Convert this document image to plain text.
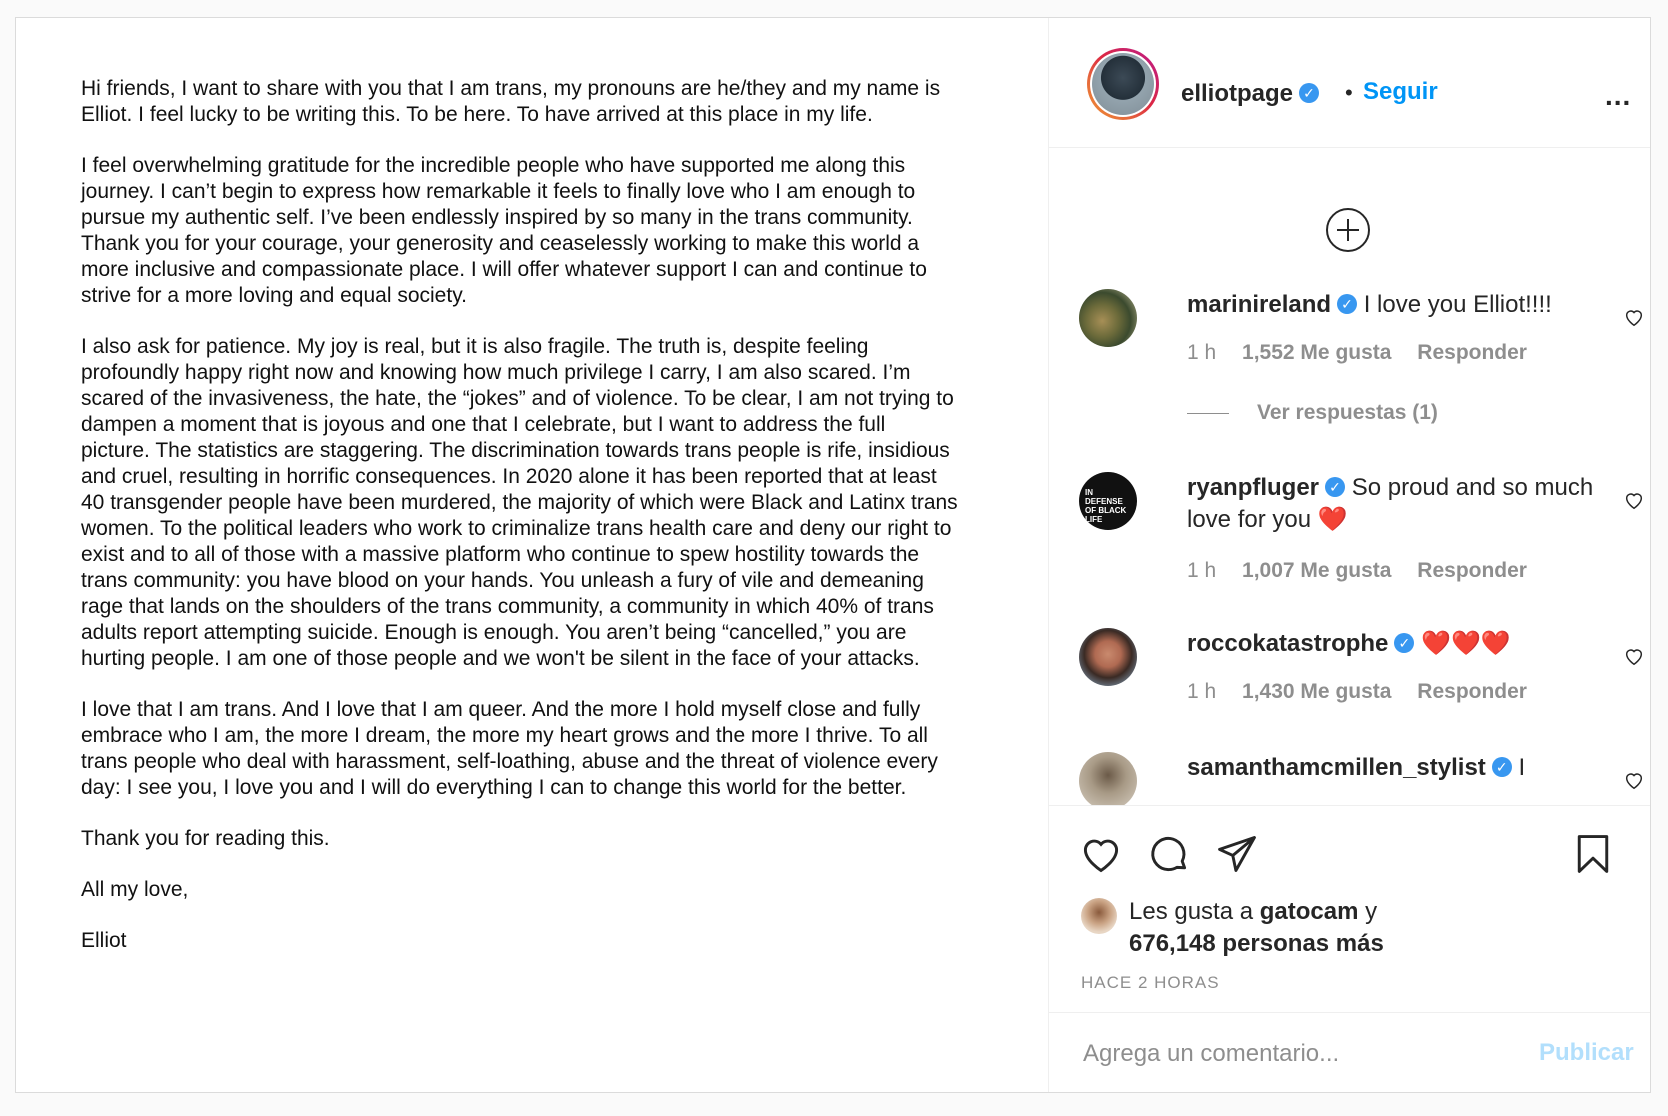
Hi friends, I want to share with you that I am trans, my pronouns are he/they and my name is Elliot. I feel lucky to be writing this. To be here. To have arrived at this place in my life.

I feel overwhelming gratitude for the incredible people who have supported me along this journey. I can’t begin to express how remarkable it feels to finally love who I am enough to pursue my authentic self. I’ve been endlessly inspired by so many in the trans community. Thank you for your courage, your generosity and ceaselessly working to make this world a more inclusive and compassionate place. I will offer whatever support I can and continue to strive for a more loving and equal society.

I also ask for patience. My joy is real, but it is also fragile. The truth is, despite feeling profoundly happy right now and knowing how much privilege I carry, I am also scared. I’m scared of the invasiveness, the hate, the “jokes” and of violence. To be clear, I am not trying to dampen a moment that is joyous and one that I celebrate, but I want to address the full picture. The statistics are staggering. The discrimination towards trans people is rife, insidious and cruel, resulting in horrific consequences. In 2020 alone it has been reported that at least 40 transgender people have been murdered, the majority of which were Black and Latinx trans women. To the political leaders who work to criminalize trans health care and deny our right to exist and to all of those with a massive platform who continue to spew hostility towards the trans community: you have blood on your hands. You unleash a fury of vile and demeaning rage that lands on the shoulders of the trans community, a community in which 40% of trans adults report attempting suicide. Enough is enough. You aren’t being “cancelled,” you are hurting people. I am one of those people and we won't be silent in the face of your attacks.

I love that I am trans. And I love that I am queer. And the more I hold myself close and fully embrace who I am, the more I dream, the more my heart grows and the more I thrive. To all trans people who deal with harassment, self-loathing, abuse and the threat of violence every day: I see you, I love you and I will do everything I can to change this world for the better.

Thank you for reading this.

All my love,

Elliot

elliotpage ✓ • Seguir	...
marinireland ✓ I love you Elliot!!!!
1 h 1,552 Me gusta Responder
Ver respuestas (1)
IN DEFENSE OF BLACK LIFE
ryanpfluger ✓ So proud and so much love for you ❤️
1 h 1,007 Me gusta Responder
roccokatastrophe ✓ ❤️❤️❤️
1 h 1,430 Me gusta Responder
samanthamcmillen_stylist ✓ I
Les gusta a gatocam y
676,148 personas más
HACE 2 HORAS
Agrega un comentario...
Publicar
